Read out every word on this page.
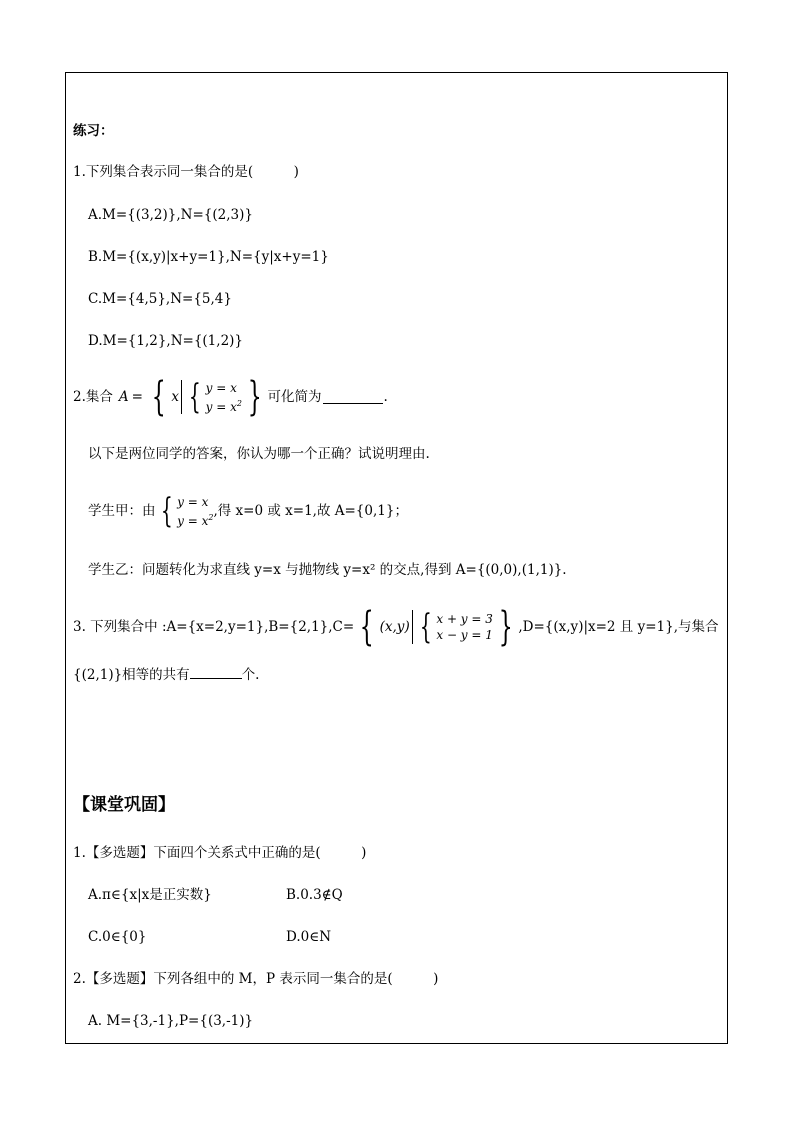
练习：
1.下列集合表示同一集合的是(　　　)
A.M={(3,2)},N={(2,3)}
B.M={(x,y)|x+y=1},N={y|x+y=1}
C.M={4,5},N={5,4}
D.M={1,2},N={(1,2)}
2.集合 A = { x { y = x
$y = x^2$ } 可化简为	.
以下是两位同学的答案，你认为哪一个正确？试说明理由.
学生甲：由 { y = x
$y = x^2$ ,得 x=0 或 x=1,故 A={0,1}；
学生乙：问题转化为求直线 y=x 与抛物线 y=x² 的交点,得到 A={(0,0),(1,1)}.
3. 下列集合中 :A={x=2,y=1},B={2,1},C= { (x,y) { x + y = 3
x − y = 1 } ,D={(x,y)|x=2 且 y=1},与集合
{(2,1)}相等的共有	个.
【课堂巩固】
1.【多选题】下面四个关系式中正确的是(　　　)
A.π∈{x|x是正实数}	B.0.3∉Q
C.0∈{0}	D.0∈N
2.【多选题】下列各组中的 M，P 表示同一集合的是(　　　)
A. M={3,-1},P={(3,-1)}
